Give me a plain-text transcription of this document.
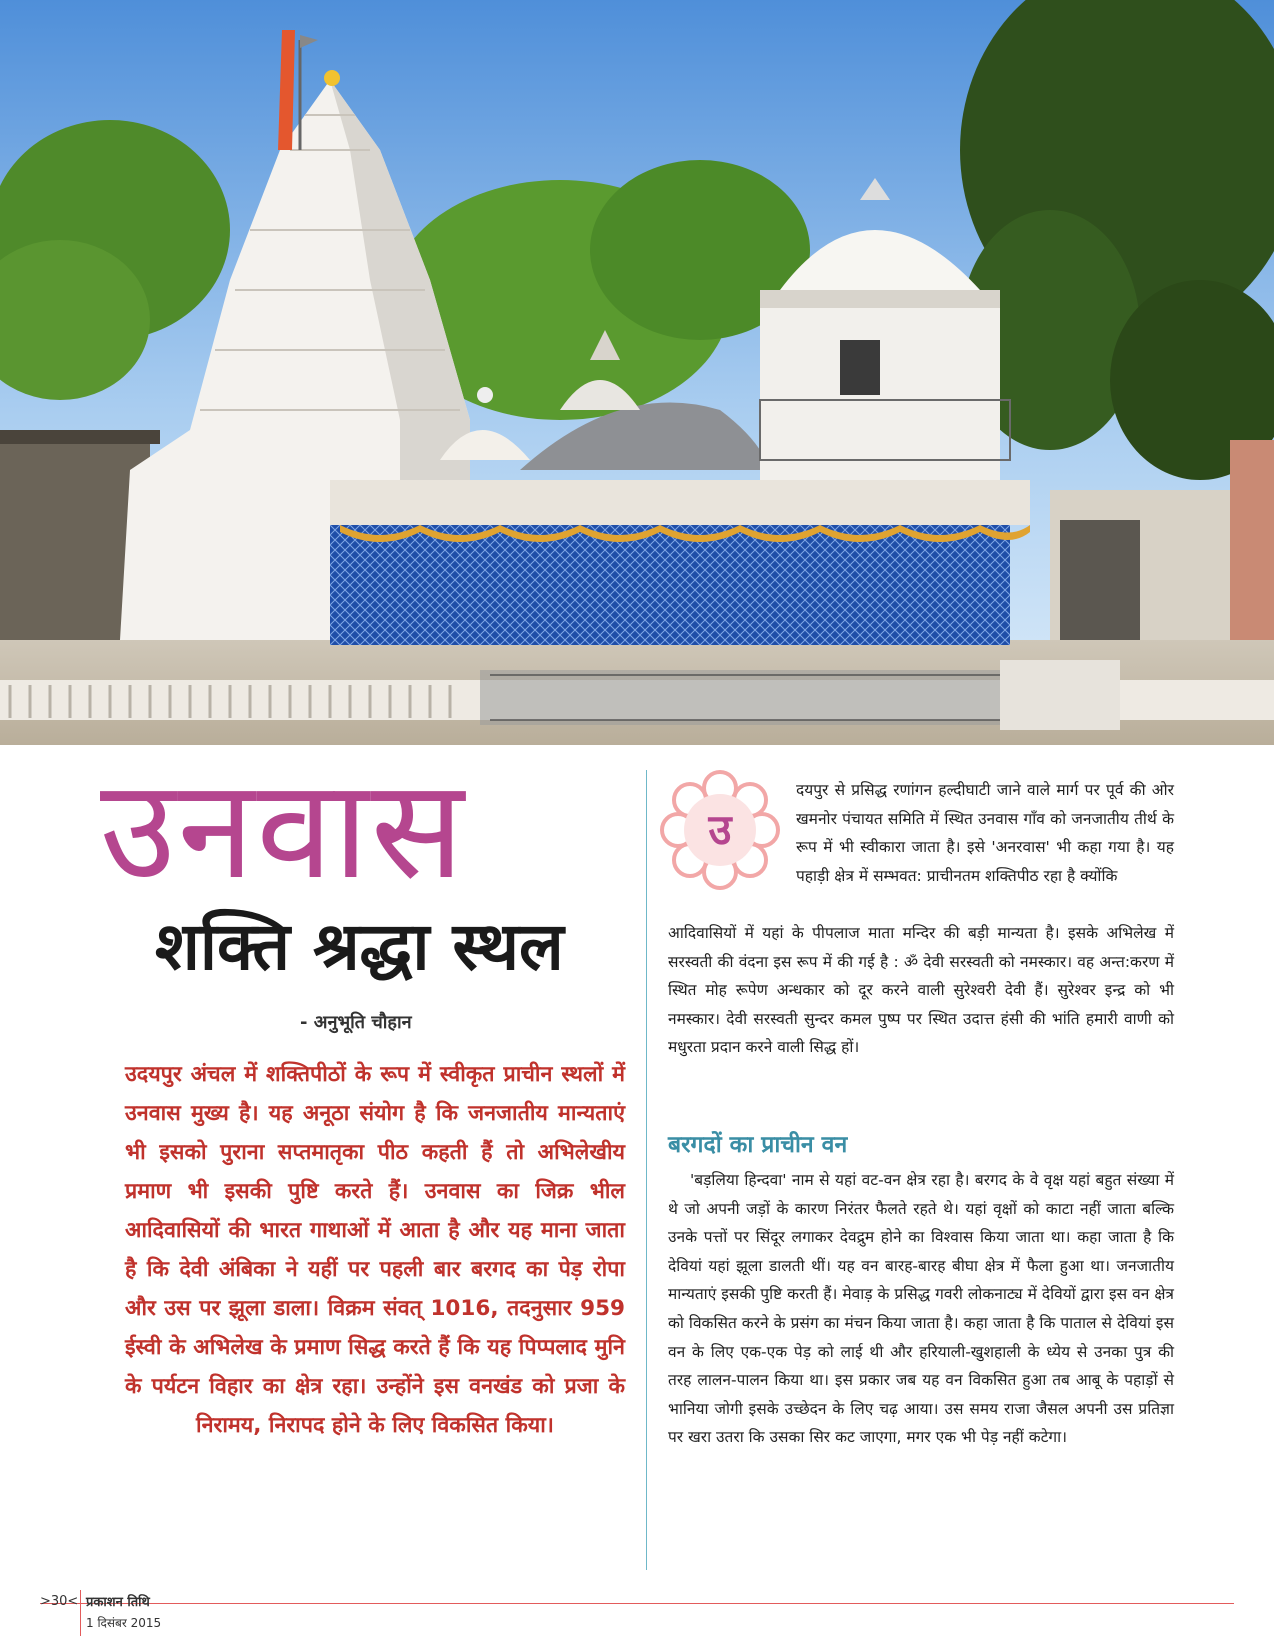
उनवास
शक्ति श्रद्धा स्थल
- अनुभूति चौहान

उदयपुर अंचल में शक्तिपीठों के रूप में स्वीकृत प्राचीन स्थलों में उनवास मुख्य है। यह अनूठा संयोग है कि जनजातीय मान्यताएं भी इसको पुराना सप्तमातृका पीठ कहती हैं तो अभिलेखीय प्रमाण भी इसकी पुष्टि करते हैं। उनवास का जिक्र भील आदिवासियों की भारत गाथाओं में आता है और यह माना जाता है कि देवी अंबिका ने यहीं पर पहली बार बरगद का पेड़ रोपा और उस पर झूला डाला। विक्रम संवत् 1016, तदनुसार 959 ईस्वी के अभिलेख के प्रमाण सिद्ध करते हैं कि यह पिप्पलाद मुनि के पर्यटन विहार का क्षेत्र रहा। उन्होंने इस वनखंड को प्रजा के निरामय, निरापद होने के लिए विकसित किया।

उ

दयपुर से प्रसिद्ध रणांगन हल्दीघाटी जाने वाले मार्ग पर पूर्व की ओर खमनोर पंचायत समिति में स्थित उनवास गाँव को जनजातीय तीर्थ के रूप में भी स्वीकारा जाता है। इसे 'अनरवास' भी कहा गया है। यह पहाड़ी क्षेत्र में सम्भवत: प्राचीनतम शक्तिपीठ रहा है क्योंकि

आदिवासियों में यहां के पीपलाज माता मन्दिर की बड़ी मान्यता है। इसके अभिलेख में सरस्वती की वंदना इस रूप में की गई है : ॐ देवी सरस्वती को नमस्कार। वह अन्त:करण में स्थित मोह रूपेण अन्धकार को दूर करने वाली सुरेश्वरी देवी हैं। सुरेश्वर इन्द्र को भी नमस्कार। देवी सरस्वती सुन्दर कमल पुष्प पर स्थित उदात्त हंसी की भांति हमारी वाणी को मधुरता प्रदान करने वाली सिद्ध हों।

बरगदों का प्राचीन वन

'बड़लिया हिन्दवा' नाम से यहां वट-वन क्षेत्र रहा है। बरगद के वे वृक्ष यहां बहुत संख्या में थे जो अपनी जड़ों के कारण निरंतर फैलते रहते थे। यहां वृक्षों को काटा नहीं जाता बल्कि उनके पत्तों पर सिंदूर लगाकर देवद्रुम होने का विश्वास किया जाता था। कहा जाता है कि देवियां यहां झूला डालती थीं। यह वन बारह-बारह बीघा क्षेत्र में फैला हुआ था। जनजातीय मान्यताएं इसकी पुष्टि करती हैं। मेवाड़ के प्रसिद्ध गवरी लोकनाट्य में देवियों द्वारा इस वन क्षेत्र को विकसित करने के प्रसंग का मंचन किया जाता है। कहा जाता है कि पाताल से देवियां इस वन के लिए एक-एक पेड़ को लाई थी और हरियाली-खुशहाली के ध्येय से उनका पुत्र की तरह लालन-पालन किया था। इस प्रकार जब यह वन विकसित हुआ तब आबू के पहाड़ों से भानिया जोगी इसके उच्छेदन के लिए चढ़ आया। उस समय राजा जैसल अपनी उस प्रतिज्ञा पर खरा उतरा कि उसका सिर कट जाएगा, मगर एक भी पेड़ नहीं कटेगा।

>30< प्रकाशन तिथि
1 दिसंबर 2015
